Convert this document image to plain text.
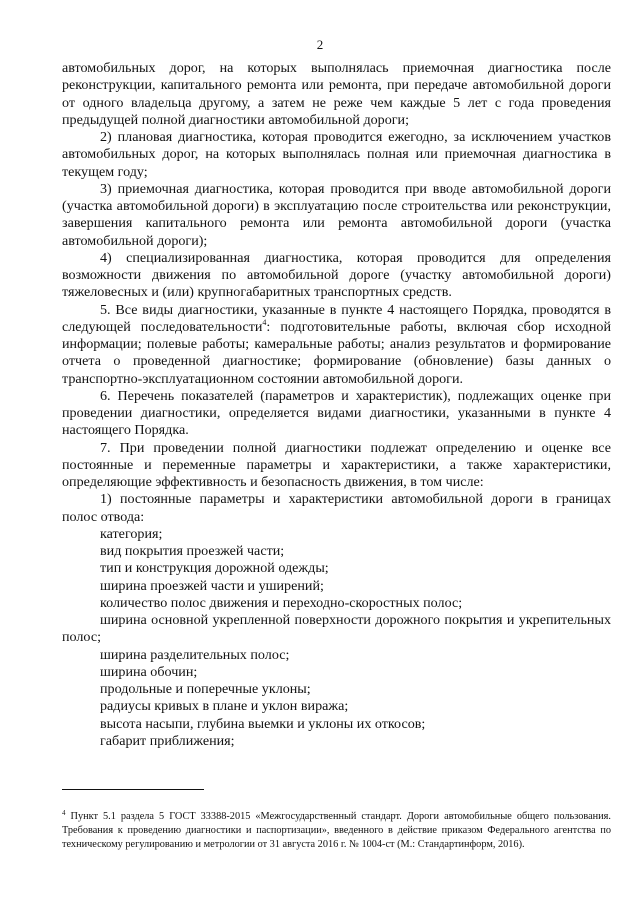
2

автомобильных дорог, на которых выполнялась приемочная диагностика после реконструкции, капитального ремонта или ремонта, при передаче автомобильной дороги от одного владельца другому, а затем не реже чем каждые 5 лет с года проведения предыдущей полной диагностики автомобильной дороги;

2) плановая диагностика, которая проводится ежегодно, за исключением участков автомобильных дорог, на которых выполнялась полная или приемочная диагностика в текущем году;

3) приемочная диагностика, которая проводится при вводе автомобильной дороги (участка автомобильной дороги) в эксплуатацию после строительства или реконструкции, завершения капитального ремонта или ремонта автомобильной дороги (участка автомобильной дороги);

4) специализированная диагностика, которая проводится для определения возможности движения по автомобильной дороге (участку автомобильной дороги) тяжеловесных и (или) крупногабаритных транспортных средств.

5. Все виды диагностики, указанные в пункте 4 настоящего Порядка, проводятся в следующей последовательности$^4$: подготовительные работы, включая сбор исходной информации; полевые работы; камеральные работы; анализ результатов и формирование отчета о проведенной диагностике; формирование (обновление) базы данных о транспортно-эксплуатационном состоянии автомобильной дороги.

6. Перечень показателей (параметров и характеристик), подлежащих оценке при проведении диагностики, определяется видами диагностики, указанными в пункте 4 настоящего Порядка.

7. При проведении полной диагностики подлежат определению и оценке все постоянные и переменные параметры и характеристики, а также характеристики, определяющие эффективность и безопасность движения, в том числе:

1) постоянные параметры и характеристики автомобильной дороги в границах полос отвода:

категория;

вид покрытия проезжей части;

тип и конструкция дорожной одежды;

ширина проезжей части и уширений;

количество полос движения и переходно-скоростных полос;

ширина основной укрепленной поверхности дорожного покрытия и укрепительных полос;

ширина разделительных полос;

ширина обочин;

продольные и поперечные уклоны;

радиусы кривых в плане и уклон виража;

высота насыпи, глубина выемки и уклоны их откосов;

габарит приближения;

$^4$ Пункт 5.1 раздела 5 ГОСТ 33388-2015 «Межгосударственный стандарт. Дороги автомобильные общего пользования. Требования к проведению диагностики и паспортизации», введенного в действие приказом Федерального агентства по техническому регулированию и метрологии от 31 августа 2016 г. № 1004-ст (М.: Стандартинформ, 2016).
